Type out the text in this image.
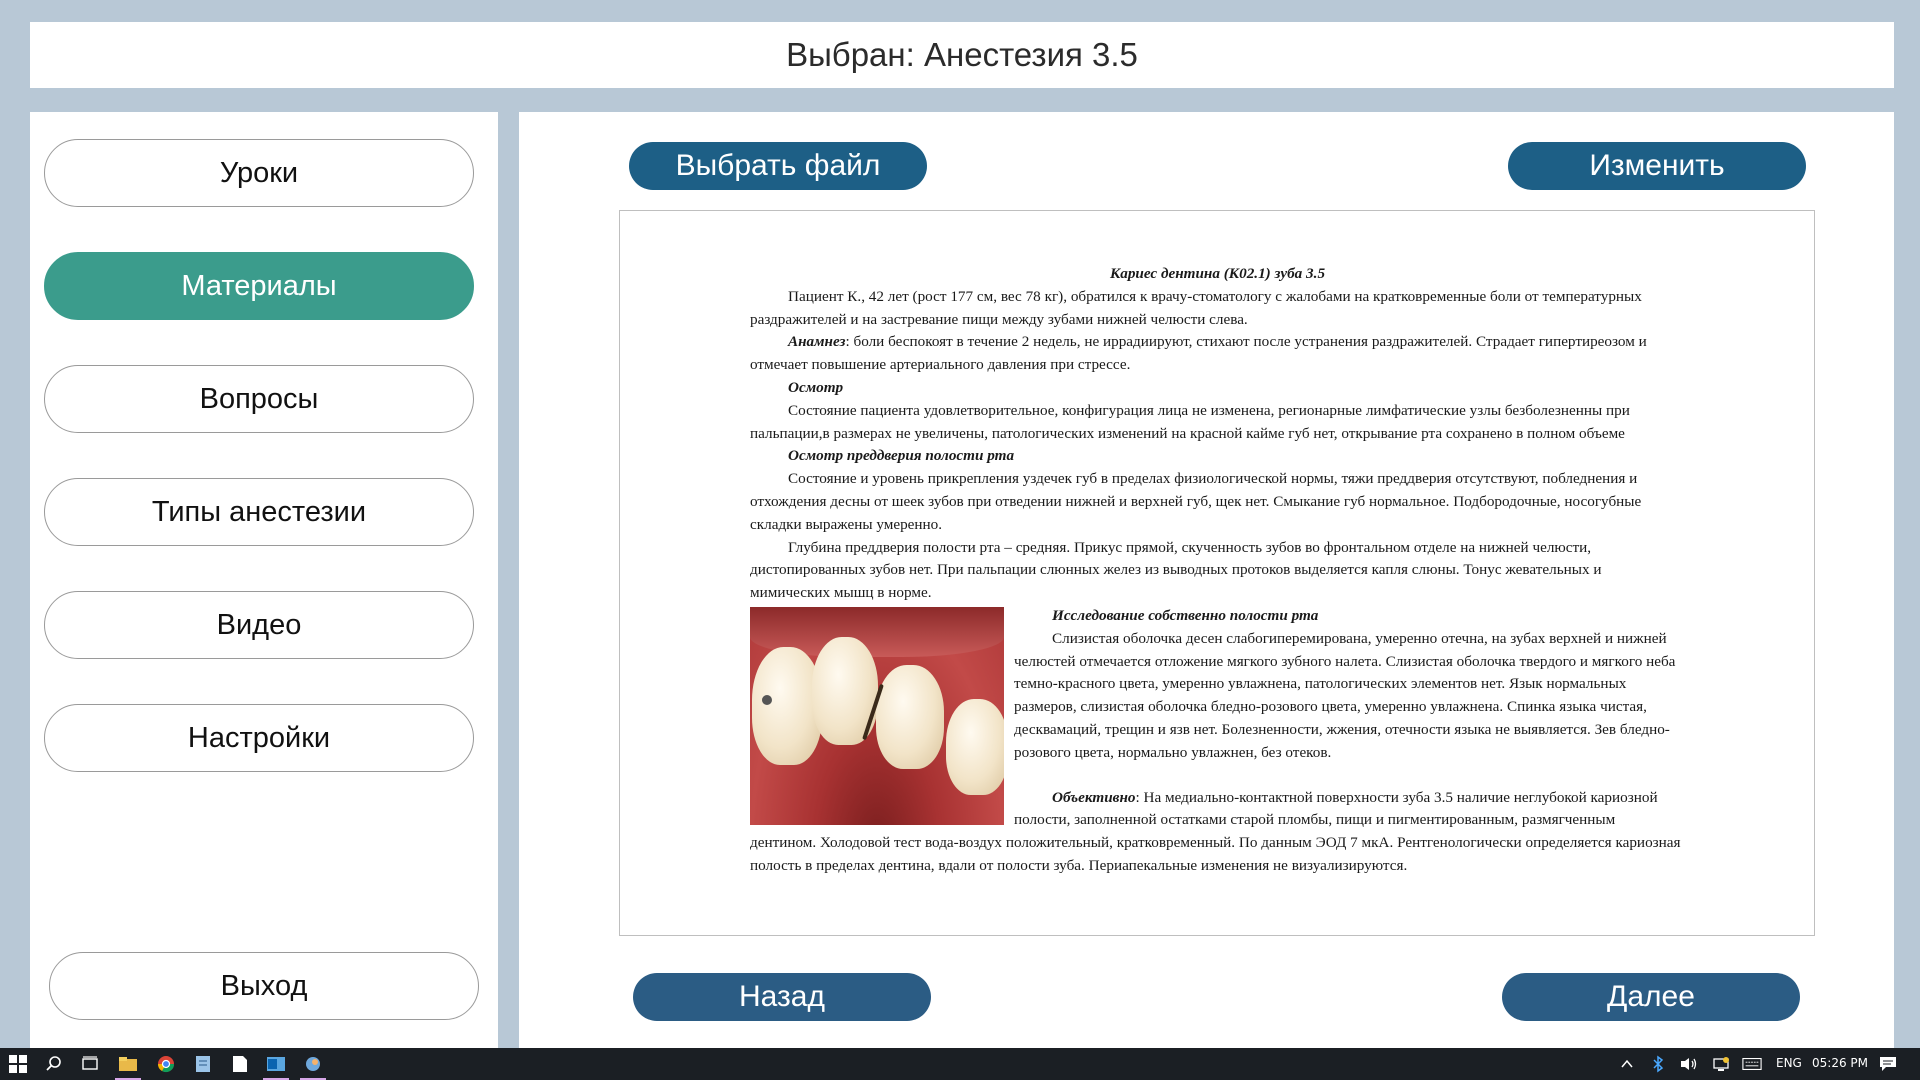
Выбран: Анестезия 3.5
Уроки
Материалы
Вопросы
Типы анестезии
Видео
Настройки
Выход
Выбрать файл	Изменить

Кариес дентина (К02.1) зуба 3.5

Пациент К., 42 лет (рост 177 см, вес 78 кг), обратился к врачу-стоматологу с жалобами на кратковременные боли от температурных раздражителей и на застревание пищи между зубами нижней челюсти слева.

Анамнез: боли беспокоят в течение 2 недель, не иррадиируют, стихают после устранения раздражителей. Страдает гипертиреозом и отмечает повышение артериального давления при стрессе.

Осмотр

Состояние пациента удовлетворительное, конфигурация лица не изменена, регионарные лимфатические узлы безболезненны при пальпации,в размерах не увеличены, патологических изменений на красной кайме губ нет, открывание рта сохранено в полном объеме

Осмотр преддверия полости рта

Состояние и уровень прикрепления уздечек губ в пределах физиологической нормы, тяжи преддверия отсутствуют, побледнения и отхождения десны от шеек зубов при отведении нижней и верхней губ, щек нет. Смыкание губ нормальное. Подбородочные, носогубные складки выражены умеренно.

Глубина преддверия полости рта – средняя. Прикус прямой, скученность зубов во фронтальном отделе на нижней челюсти, дистопированных зубов нет. При пальпации слюнных желез из выводных протоков выделяется капля слюны. Тонус жевательных и мимических мышц в норме.

Исследование собственно полости рта

Слизистая оболочка десен слабогиперемирована, умеренно отечна, на зубах верхней и нижней челюстей отмечается отложение мягкого зубного налета. Слизистая оболочка твердого и мягкого неба темно-красного цвета, умеренно увлажнена, патологических элементов нет. Язык нормальных размеров, слизистая оболочка бледно-розового цвета, умеренно увлажнена. Спинка языка чистая, десквамаций, трещин и язв нет. Болезненности, жжения, отечности языка не выявляется. Зев бледно-розового цвета, нормально увлажнен, без отеков.

Объективно: На медиально-контактной поверхности зуба 3.5 наличие неглубокой кариозной полости, заполненной остатками старой пломбы, пищи и пигментированным, размягченным дентином. Холодовой тест вода-воздух положительный, кратковременный. По данным ЭОД 7 мкА. Рентгенологически определяется кариозная полость в пределах дентина, вдали от полости зуба. Периапекальные изменения не визуализируются.

Назад	Далее
ENG 05:26 PM
